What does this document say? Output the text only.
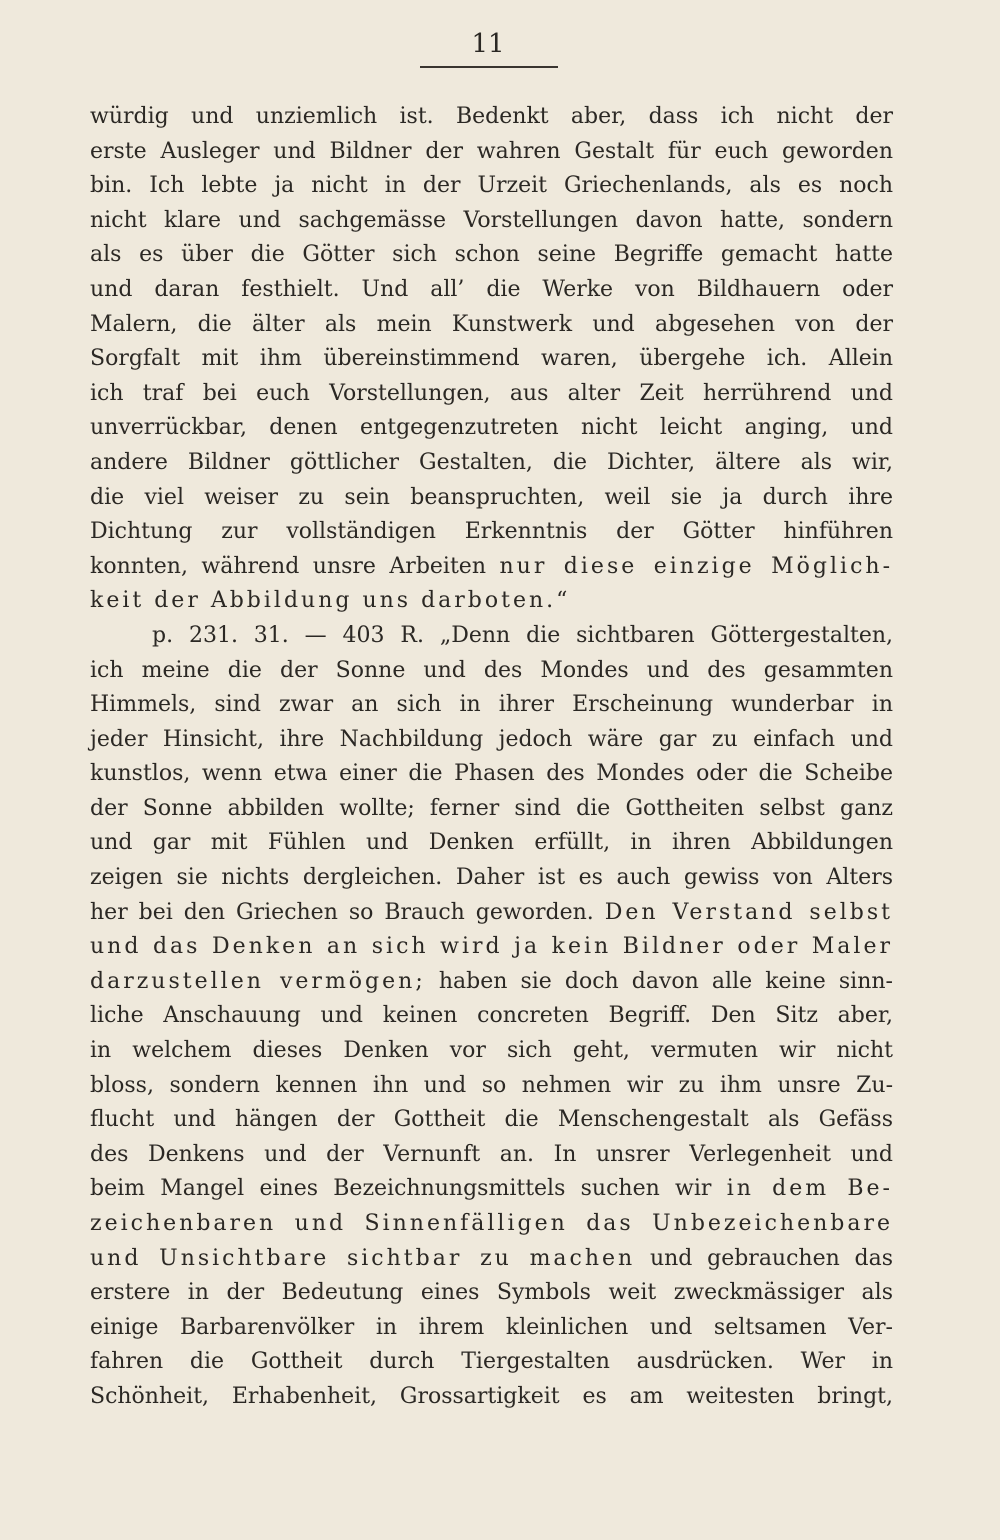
11
würdig und unziemlich ist. Bedenkt aber, dass ich nicht der
erste Ausleger und Bildner der wahren Gestalt für euch geworden
bin. Ich lebte ja nicht in der Urzeit Griechenlands, als es noch
nicht klare und sachgemässe Vorstellungen davon hatte, sondern
als es über die Götter sich schon seine Begriffe gemacht hatte
und daran festhielt. Und all’ die Werke von Bildhauern oder
Malern, die älter als mein Kunstwerk und abgesehen von der
Sorgfalt mit ihm übereinstimmend waren, übergehe ich. Allein
ich traf bei euch Vorstellungen, aus alter Zeit herrührend und
unverrückbar, denen entgegenzutreten nicht leicht anging, und
andere Bildner göttlicher Gestalten, die Dichter, ältere als wir,
die viel weiser zu sein beanspruchten, weil sie ja durch ihre
Dichtung zur vollständigen Erkenntnis der Götter hinführen
konnten, während unsre Arbeiten nur diese einzige Möglich-
keit der Abbildung uns darboten.“
p. 231. 31. — 403 R. „Denn die sichtbaren Göttergestalten,
ich meine die der Sonne und des Mondes und des gesammten
Himmels, sind zwar an sich in ihrer Erscheinung wunderbar in
jeder Hinsicht, ihre Nachbildung jedoch wäre gar zu einfach und
kunstlos, wenn etwa einer die Phasen des Mondes oder die Scheibe
der Sonne abbilden wollte; ferner sind die Gottheiten selbst ganz
und gar mit Fühlen und Denken erfüllt, in ihren Abbildungen
zeigen sie nichts dergleichen. Daher ist es auch gewiss von Alters
her bei den Griechen so Brauch geworden. Den Verstand selbst
und das Denken an sich wird ja kein Bildner oder Maler
darzustellen vermögen; haben sie doch davon alle keine sinn-
liche Anschauung und keinen concreten Begriff. Den Sitz aber,
in welchem dieses Denken vor sich geht, vermuten wir nicht
bloss, sondern kennen ihn und so nehmen wir zu ihm unsre Zu-
flucht und hängen der Gottheit die Menschengestalt als Gefäss
des Denkens und der Vernunft an. In unsrer Verlegenheit und
beim Mangel eines Bezeichnungsmittels suchen wir in dem Be-
zeichenbaren und Sinnenfälligen das Unbezeichenbare
und Unsichtbare sichtbar zu machen und gebrauchen das
erstere in der Bedeutung eines Symbols weit zweckmässiger als
einige Barbarenvölker in ihrem kleinlichen und seltsamen Ver-
fahren die Gottheit durch Tiergestalten ausdrücken. Wer in
Schönheit, Erhabenheit, Grossartigkeit es am weitesten bringt,
